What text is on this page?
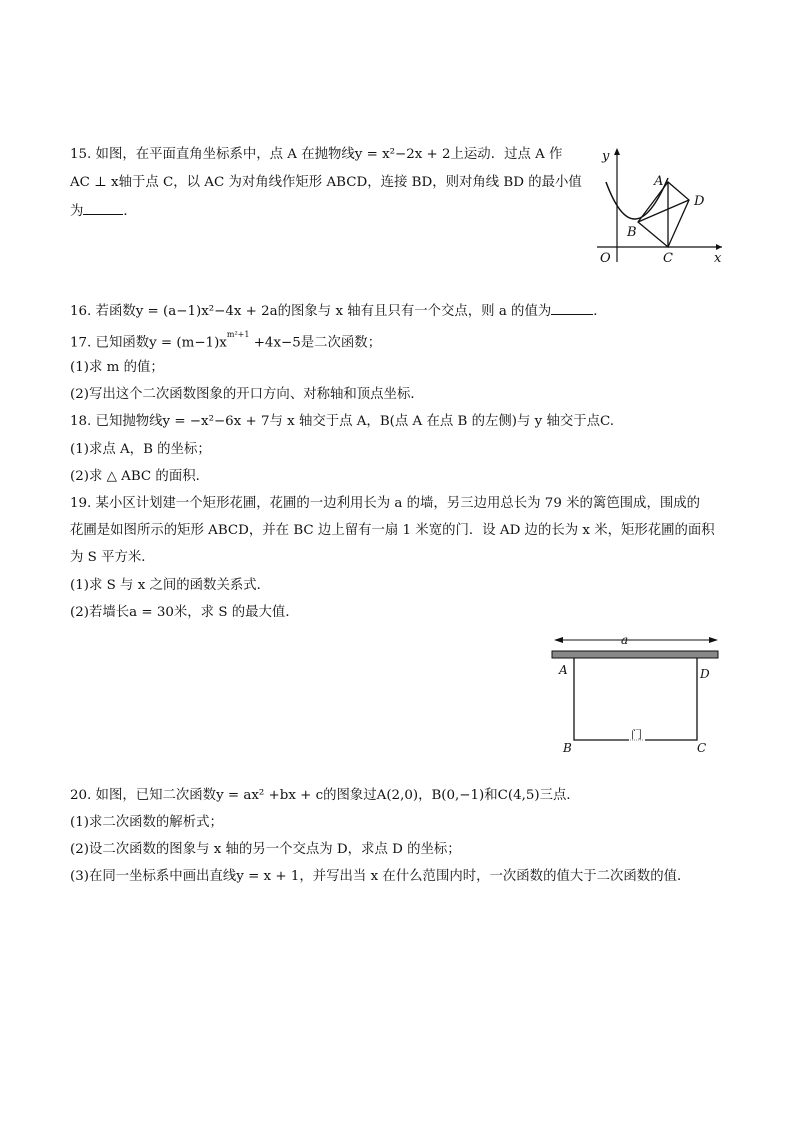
15. 如图，在平面直角坐标系中，点 A 在抛物线y = x²−2x + 2上运动．过点 A 作
AC ⊥ x轴于点 C，以 AC 为对角线作矩形 ABCD，连接 BD，则对角线 BD 的最小值
为	．
y
x
O
A
B
C
D
16. 若函数y = (a−1)x²−4x + 2a的图象与 x 轴有且只有一个交点，则 a 的值为	．
17. 已知函数$y = (m-1)x^{m^2+1} +4x-5$是二次函数；
(1)求 m 的值；
(2)写出这个二次函数图象的开口方向、对称轴和顶点坐标．
18. 已知抛物线y = −x²−6x + 7与 x 轴交于点 A，B(点 A 在点 B 的左侧)与 y 轴交于点C.
(1)求点 A，B 的坐标；
(2)求 △ ABC 的面积．
19. 某小区计划建一个矩形花圃，花圃的一边利用长为 a 的墙，另三边用总长为 79 米的篱笆围成，围成的
花圃是如图所示的矩形 ABCD，并在 BC 边上留有一扇 1 米宽的门．设 AD 边的长为 x 米，矩形花圃的面积
为 S 平方米．
(1)求 S 与 x 之间的函数关系式．
(2)若墙长a = 30米，求 S 的最大值．
a
门
A	D
B	C
20. 如图，已知二次函数y = ax² +bx + c的图象过A(2,0)，B(0,−1)和C(4,5)三点．
(1)求二次函数的解析式；
(2)设二次函数的图象与 x 轴的另一个交点为 D，求点 D 的坐标；
(3)在同一坐标系中画出直线y = x + 1，并写出当 x 在什么范围内时，一次函数的值大于二次函数的值．
